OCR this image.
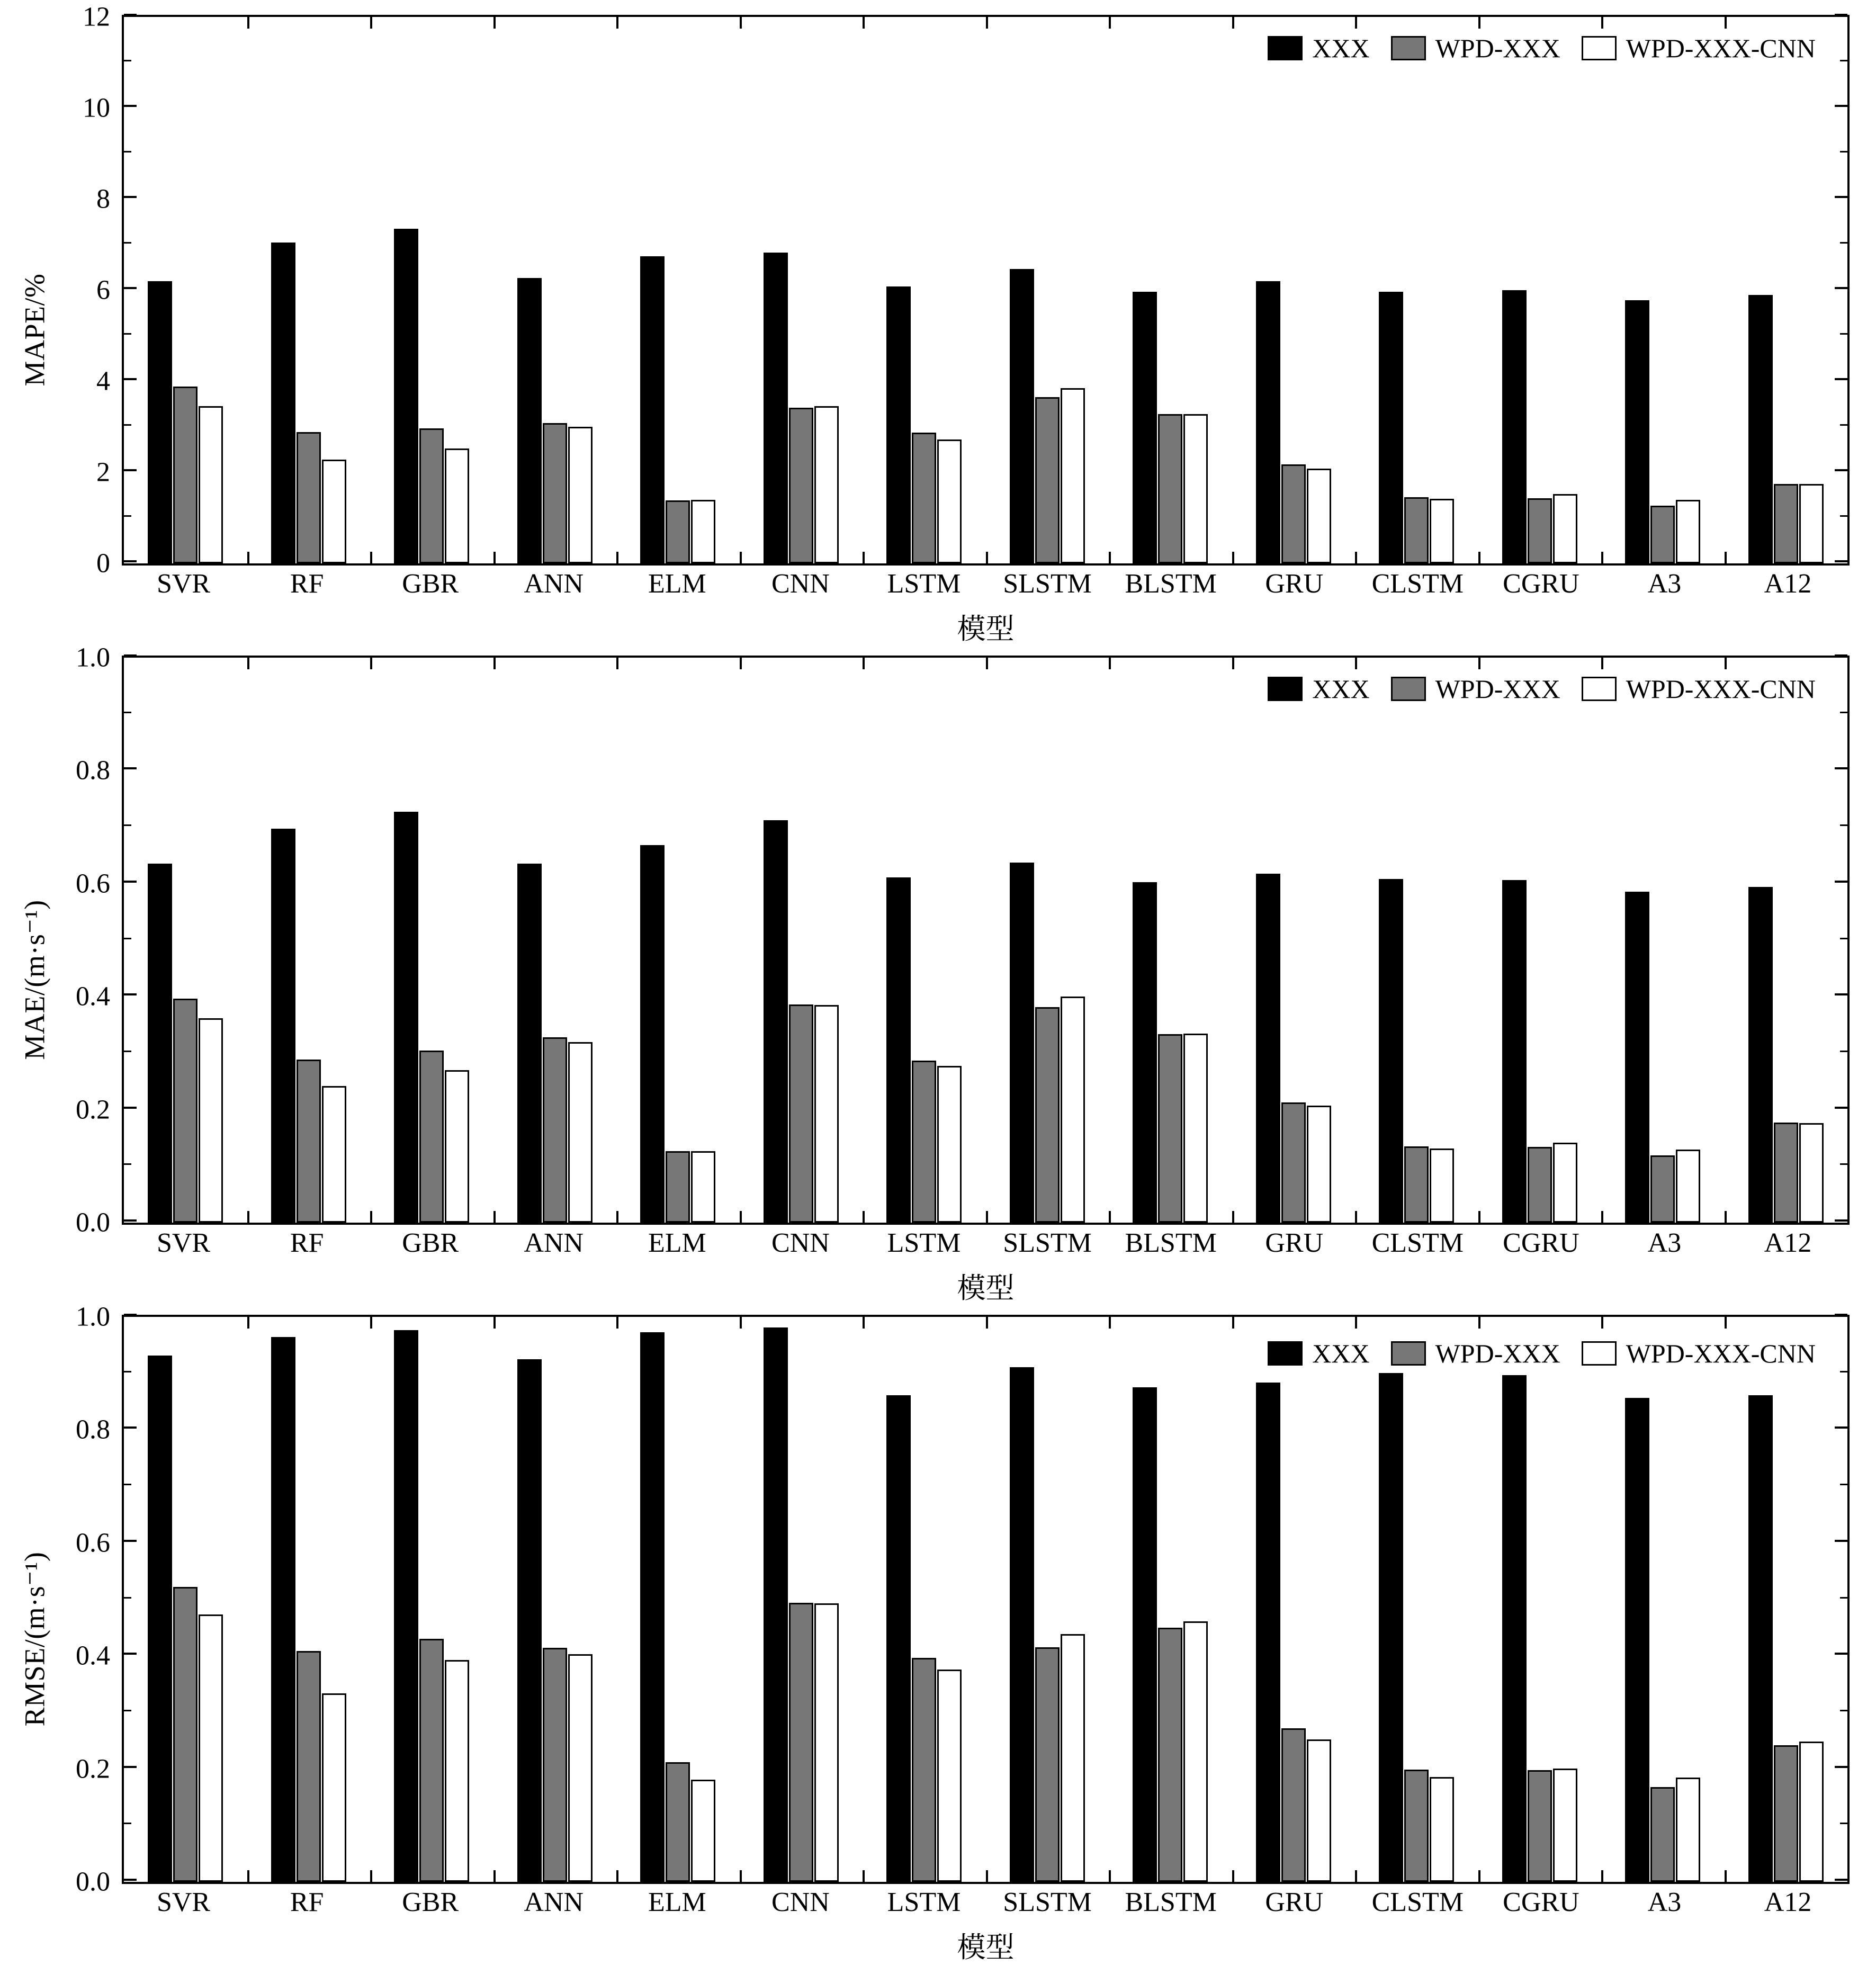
MAPE/%
XXX WPD-XXX WPD-XXX-CNN
0
2
4
6
8
10
12
SVR	RF	GBR	ANN	ELM	CNN	LSTM	SLSTM	BLSTM	GRU	CLSTM	CGRU	A3	A12
模型
MAE/(m·s⁻¹)
XXX WPD-XXX WPD-XXX-CNN
0.0
0.2
0.4
0.6
0.8
1.0
SVR	RF	GBR	ANN	ELM	CNN	LSTM	SLSTM	BLSTM	GRU	CLSTM	CGRU	A3	A12
模型
RMSE/(m·s⁻¹)
XXX WPD-XXX WPD-XXX-CNN
0.0
0.2
0.4
0.6
0.8
1.0
SVR	RF	GBR	ANN	ELM	CNN	LSTM	SLSTM	BLSTM	GRU	CLSTM	CGRU	A3	A12
模型
